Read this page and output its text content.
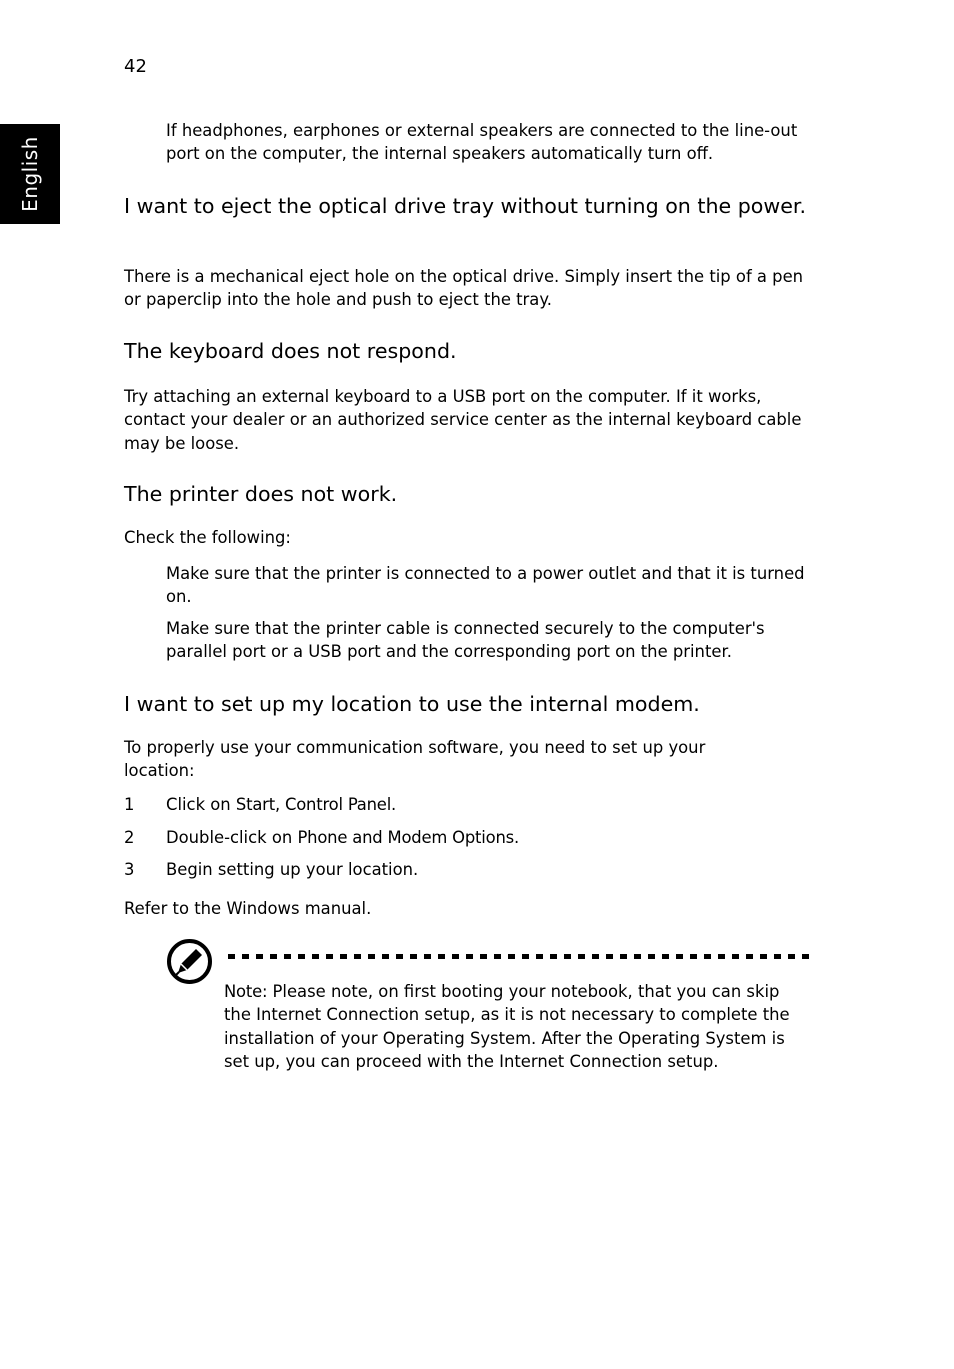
42
English
If headphones, earphones or external speakers are connected to the line-out port on the computer, the internal speakers automatically turn off.
I want to eject the optical drive tray without turning on the power.
There is a mechanical eject hole on the optical drive. Simply insert the tip of a pen or paperclip into the hole and push to eject the tray.
The keyboard does not respond.
Try attaching an external keyboard to a USB port on the computer. If it works, contact your dealer or an authorized service center as the internal keyboard cable may be loose.
The printer does not work.
Check the following:
Make sure that the printer is connected to a power outlet and that it is turned on.
Make sure that the printer cable is connected securely to the computer's parallel port or a USB port and the corresponding port on the printer.
I want to set up my location to use the internal modem.
To properly use your communication software, you need to set up your location:
1 Click on Start, Control Panel.
2 Double-click on Phone and Modem Options.
3 Begin setting up your location.
Refer to the Windows manual.
Note: Please note, on first booting your notebook, that you can skip the Internet Connection setup, as it is not necessary to complete the installation of your Operating System. After the Operating System is set up, you can proceed with the Internet Connection setup.
